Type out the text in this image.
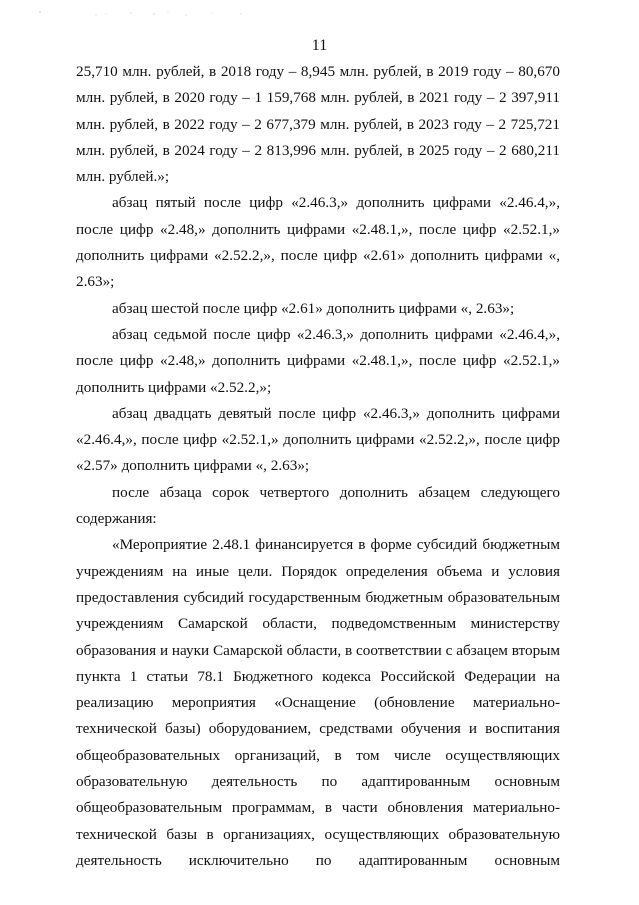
11

25,710 млн. рублей, в 2018 году – 8,945 млн. рублей, в 2019 году – 80,670 млн. рублей, в 2020 году – 1 159,768 млн. рублей, в 2021 году – 2 397,911 млн. рублей, в 2022 году – 2 677,379 млн. рублей, в 2023 году – 2 725,721 млн. рублей, в 2024 году – 2 813,996 млн. рублей, в 2025 году – 2 680,211 млн. рублей.»;

абзац пятый после цифр «2.46.3,» дополнить цифрами «2.46.4,», после цифр «2.48,» дополнить цифрами «2.48.1,», после цифр «2.52.1,» дополнить цифрами «2.52.2,», после цифр «2.61» дополнить цифрами «, 2.63»;

абзац шестой после цифр «2.61» дополнить цифрами «, 2.63»;

абзац седьмой после цифр «2.46.3,» дополнить цифрами «2.46.4,», после цифр «2.48,» дополнить цифрами «2.48.1,», после цифр «2.52.1,» дополнить цифрами «2.52.2,»;

абзац двадцать девятый после цифр «2.46.3,» дополнить цифрами «2.46.4,», после цифр «2.52.1,» дополнить цифрами «2.52.2,», после цифр «2.57» дополнить цифрами «, 2.63»;

после абзаца сорок четвертого дополнить абзацем следующего содержания:

«Мероприятие 2.48.1 финансируется в форме субсидий бюджетным учреждениям на иные цели. Порядок определения объема и условия предоставления субсидий государственным бюджетным образовательным учреждениям Самарской области, подведомственным министерству образования и науки Самарской области, в соответствии с абзацем вторым пункта 1 статьи 78.1 Бюджетного кодекса Российской Федерации на реализацию мероприятия «Оснащение (обновление материально-технической базы) оборудованием, средствами обучения и воспитания общеобразовательных организаций, в том числе осуществляющих образовательную деятельность по адаптированным основным общеобразовательным программам, в части обновления материально-технической базы в организациях, осуществляющих образовательную деятельность исключительно по адаптированным основным
